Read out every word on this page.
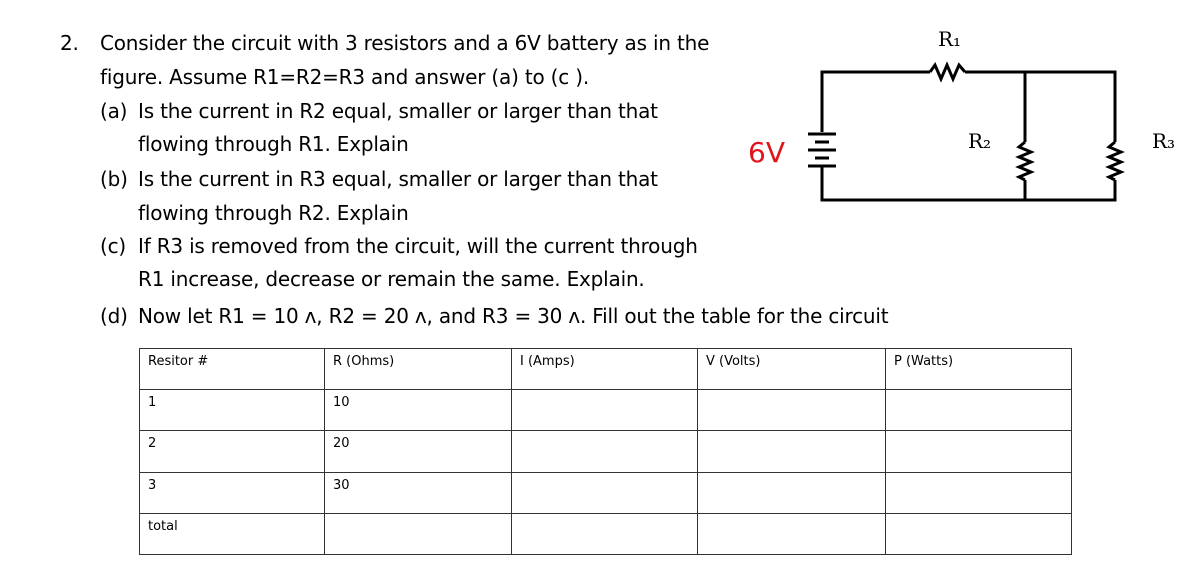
2. Consider the circuit with 3 resistors and a 6V battery as in the
figure. Assume R1=R2=R3 and answer (a) to (c ).
(a) Is the current in R2 equal, smaller or larger than that
flowing through R1. Explain
(b) Is the current in R3 equal, smaller or larger than that
flowing through R2. Explain
(c) If R3 is removed from the circuit, will the current through
R1 increase, decrease or remain the same. Explain.
(d) Now let R1 = 10 ʌ, R2 = 20 ʌ, and R3 = 30 ʌ. Fill out the table for the circuit
6V
R₁
R₂	R₃
Resitor #	R (Ohms)	I (Amps)	V (Volts)	P (Watts)
1	10			
2	20			
3	30			
total				
